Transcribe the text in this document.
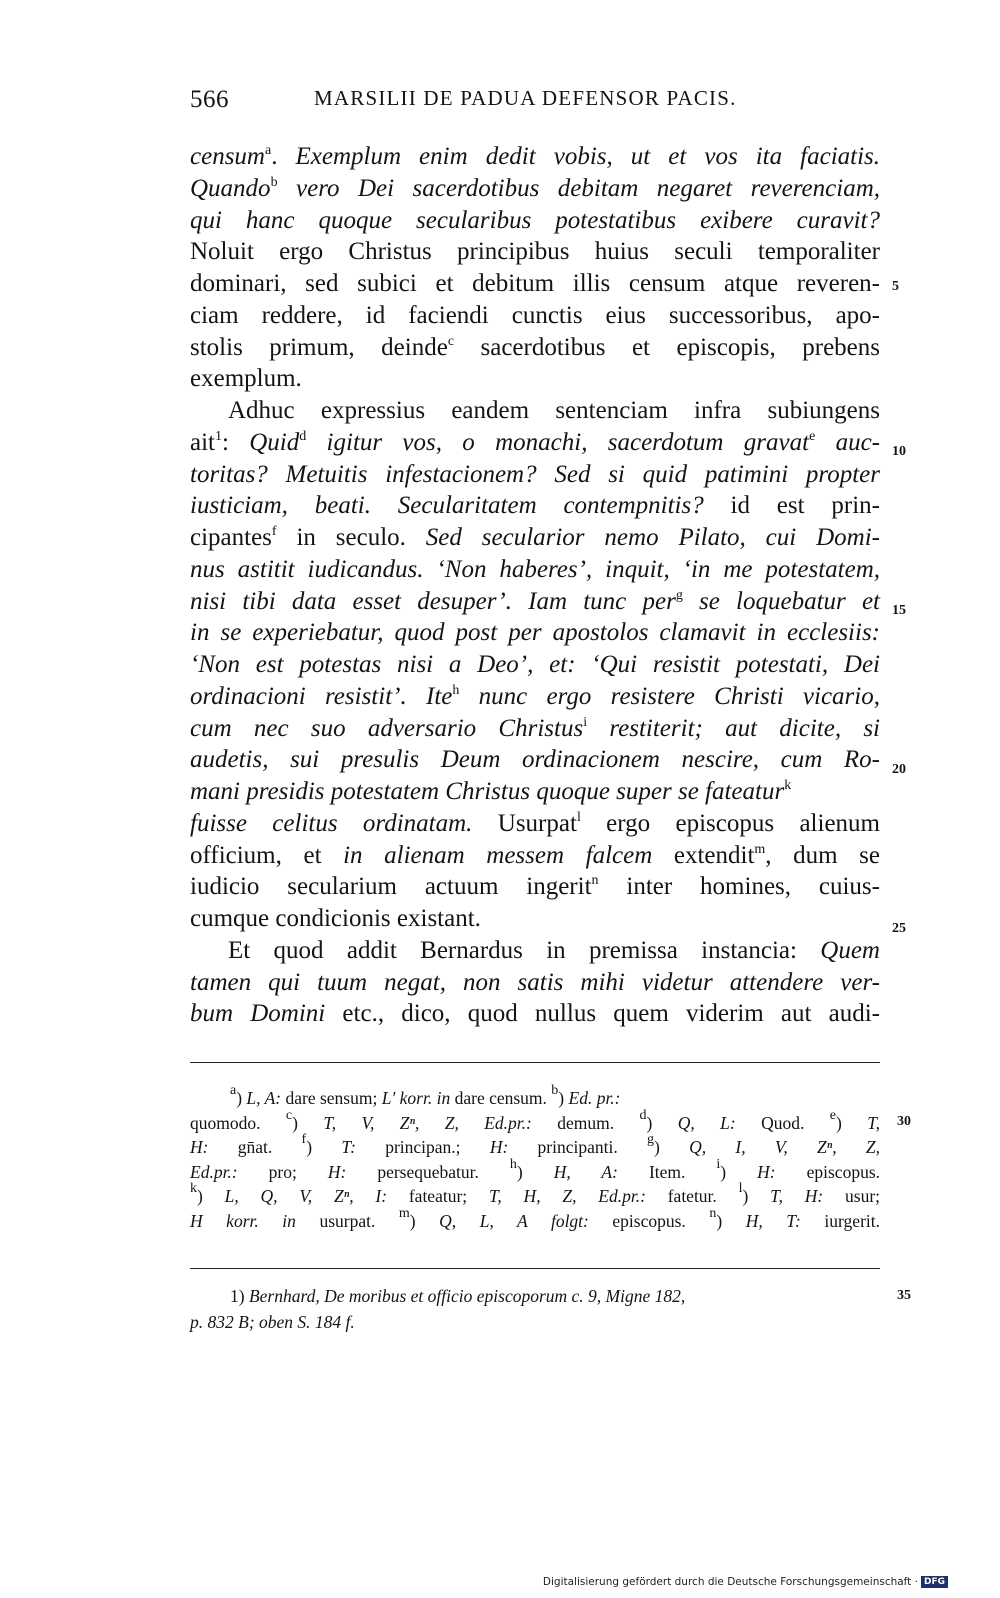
566	MARSILII DE PADUA DEFENSOR PACIS.
censum$^a$. Exemplum enim dedit vobis, ut et vos ita faciatis.
Quando$^b$ vero Dei sacerdotibus debitam negaret reverenciam,
qui hanc quoque secularibus potestatibus exibere curavit?
Noluit ergo Christus principibus huius seculi temporaliter
dominari, sed subici et debitum illis censum atque reveren-
ciam reddere, id faciendi cunctis eius successoribus, apo-
stolis primum, deinde$^c$ sacerdotibus et episcopis, prebens
exemplum.
Adhuc expressius eandem sentenciam infra subiungens
ait$^1$: Quid$^d$ igitur vos, o monachi, sacerdotum gravat$^e$ auc-
toritas? Metuitis infestacionem? Sed si quid patimini propter
iusticiam, beati. Secularitatem contempnitis? id est prin-
cipantes$^f$ in seculo. Sed secularior nemo Pilato, cui Domi-
nus astitit iudicandus. ‘Non haberes’, inquit, ‘in me potestatem,
nisi tibi data esset desuper’. Iam tunc per$^g$ se loquebatur et
in se experiebatur, quod post per apostolos clamavit in ecclesiis:
‘Non est potestas nisi a Deo’, et: ‘Qui resistit potestati, Dei
ordinacioni resistit’. Ite$^h$ nunc ergo resistere Christi vicario,
cum nec suo adversario Christus$^i$ restiterit; aut dicite, si
audetis, sui presulis Deum ordinacionem nescire, cum Ro-
mani presidis potestatem Christus quoque super se fateatur$^k$
fuisse celitus ordinatam. Usurpat$^l$ ergo episcopus alienum
officium, et in alienam messem falcem extendit$^m$, dum se
iudicio secularium actuum ingerit$^n$ inter homines, cuius-
cumque condicionis existant.
Et quod addit Bernardus in premissa instancia: Quem
tamen qui tuum negat, non satis mihi videtur attendere ver-
bum Domini etc., dico, quod nullus quem viderim aut audi-
5
10
15
20
25
$^a$) L, A: dare sensum; L′ korr. in dare censum. $^b$) Ed. pr.:
quomodo. $^c$) T, V, Zⁿ, Z, Ed.pr.: demum. $^d$) Q, L: Quod. $^e$) T,
H: gn̄at. $^f$) T: principan.; H: principanti. $^g$) Q, I, V, Zⁿ, Z,
Ed.pr.: pro; H: persequebatur. $^h$) H, A: Item. $^i$) H: episcopus.
$^k$) L, Q, V, Zⁿ, I: fateatur; T, H, Z, Ed.pr.: fatetur. $^l$) T, H: usur;
H korr. in usurpat. $^m$) Q, L, A folgt: episcopus. $^n$) H, T: iurgerit.
30
1) Bernhard, De moribus et officio episcoporum c. 9, Migne 182,
p. 832 B; oben S. 184 f.
35
Digitalisierung gefördert durch die Deutsche Forschungsgemeinschaft · DFG
